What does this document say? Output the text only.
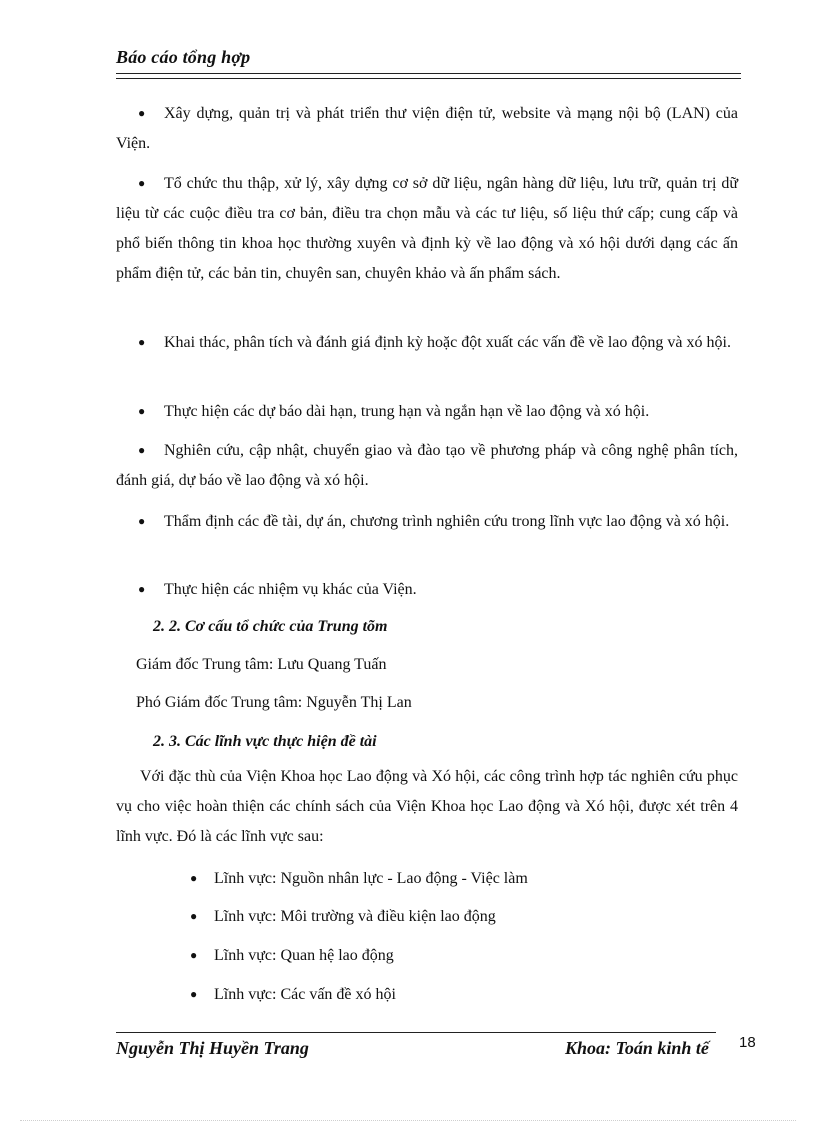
Báo cáo tổng hợp
● Xây dựng, quản trị và phát triển thư viện điện tử, website và mạng nội bộ (LAN) của Viện.
● Tổ chức thu thập, xử lý, xây dựng cơ sở dữ liệu, ngân hàng dữ liệu, lưu trữ, quản trị dữ liệu từ các cuộc điều tra cơ bản, điều tra chọn mẫu và các tư liệu, số liệu thứ cấp; cung cấp và phổ biến thông tin khoa học thường xuyên và định kỳ về lao động và xó hội dưới dạng các ấn phẩm điện tử, các bản tin, chuyên san, chuyên khảo và ấn phẩm sách.
● Khai thác, phân tích và đánh giá định kỳ hoặc đột xuất các vấn đề về lao động và xó hội.
● Thực hiện các dự báo dài hạn, trung hạn và ngắn hạn về lao động và xó hội.
● Nghiên cứu, cập nhật, chuyển giao và đào tạo về phương pháp và công nghệ phân tích, đánh giá, dự báo về lao động và xó hội.
● Thẩm định các đề tài, dự án, chương trình nghiên cứu trong lĩnh vực lao động và xó hội.
● Thực hiện các nhiệm vụ khác của Viện.
2. 2. Cơ cấu tổ chức của Trung tõm
Giám đốc Trung tâm: Lưu Quang Tuấn
Phó Giám đốc Trung tâm: Nguyễn Thị Lan
2. 3. Các lĩnh vực thực hiện đề tài
Với đặc thù của Viện Khoa học Lao động và Xó hội, các công trình hợp tác nghiên cứu phục vụ cho việc hoàn thiện các chính sách của Viện Khoa học Lao động và Xó hội, được xét trên 4 lĩnh vực. Đó là các lĩnh vực sau:
● Lĩnh vực: Nguồn nhân lực - Lao động - Việc làm
● Lĩnh vực: Môi trường và điều kiện lao động
● Lĩnh vực: Quan hệ lao động
● Lĩnh vực: Các vấn đề xó hội
Nguyễn Thị Huyền Trang	Khoa: Toán kinh tế 18
